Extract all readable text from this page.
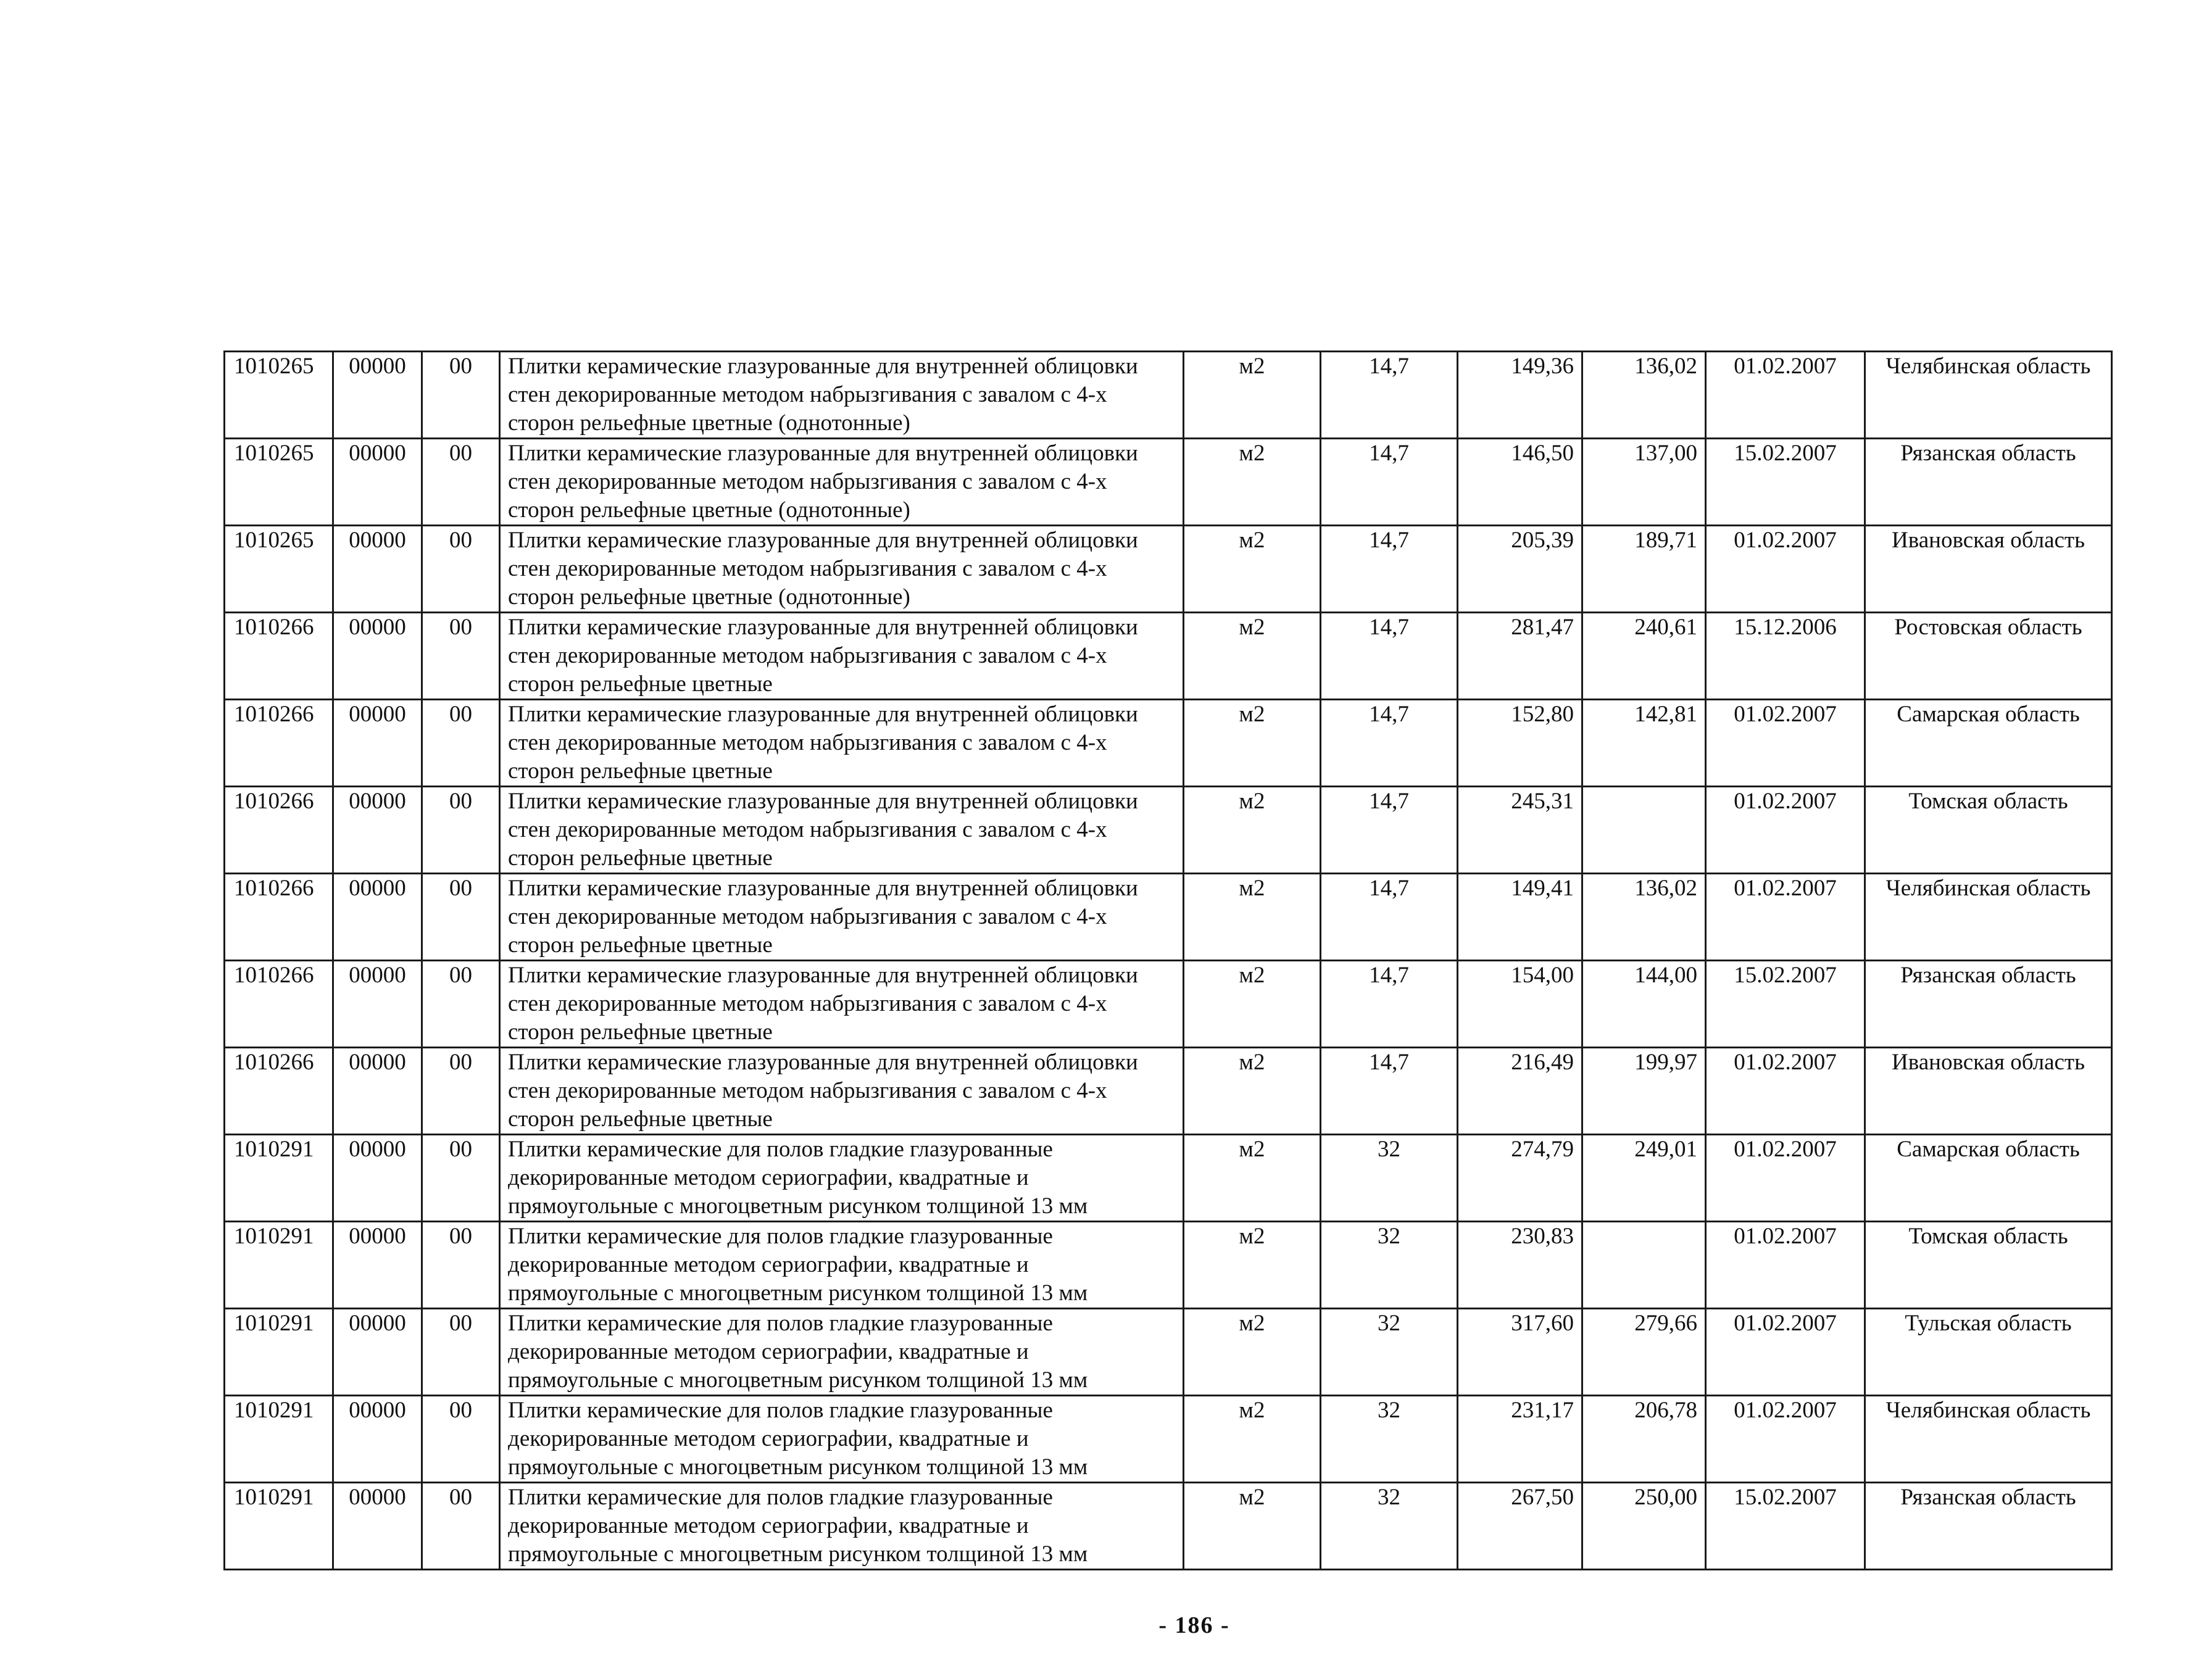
1010265	00000	00	Плитки керамические глазурованные для внутренней облицовки стен декорированные методом набрызгивания с завалом с 4-х сторон рельефные цветные (однотонные)	м2	14,7	149,36	136,02	01.02.2007	Челябинская область
1010265	00000	00	Плитки керамические глазурованные для внутренней облицовки стен декорированные методом набрызгивания с завалом с 4-х сторон рельефные цветные (однотонные)	м2	14,7	146,50	137,00	15.02.2007	Рязанская область
1010265	00000	00	Плитки керамические глазурованные для внутренней облицовки стен декорированные методом набрызгивания с завалом с 4-х сторон рельефные цветные (однотонные)	м2	14,7	205,39	189,71	01.02.2007	Ивановская область
1010266	00000	00	Плитки керамические глазурованные для внутренней облицовки стен декорированные методом набрызгивания с завалом с 4-х сторон рельефные цветные	м2	14,7	281,47	240,61	15.12.2006	Ростовская область
1010266	00000	00	Плитки керамические глазурованные для внутренней облицовки стен декорированные методом набрызгивания с завалом с 4-х сторон рельефные цветные	м2	14,7	152,80	142,81	01.02.2007	Самарская область
1010266	00000	00	Плитки керамические глазурованные для внутренней облицовки стен декорированные методом набрызгивания с завалом с 4-х сторон рельефные цветные	м2	14,7	245,31		01.02.2007	Томская область
1010266	00000	00	Плитки керамические глазурованные для внутренней облицовки стен декорированные методом набрызгивания с завалом с 4-х сторон рельефные цветные	м2	14,7	149,41	136,02	01.02.2007	Челябинская область
1010266	00000	00	Плитки керамические глазурованные для внутренней облицовки стен декорированные методом набрызгивания с завалом с 4-х сторон рельефные цветные	м2	14,7	154,00	144,00	15.02.2007	Рязанская область
1010266	00000	00	Плитки керамические глазурованные для внутренней облицовки стен декорированные методом набрызгивания с завалом с 4-х сторон рельефные цветные	м2	14,7	216,49	199,97	01.02.2007	Ивановская область
1010291	00000	00	Плитки керамические для полов гладкие глазурованные декорированные методом сериографии, квадратные и прямоугольные с многоцветным рисунком толщиной 13 мм	м2	32	274,79	249,01	01.02.2007	Самарская область
1010291	00000	00	Плитки керамические для полов гладкие глазурованные декорированные методом сериографии, квадратные и прямоугольные с многоцветным рисунком толщиной 13 мм	м2	32	230,83		01.02.2007	Томская область
1010291	00000	00	Плитки керамические для полов гладкие глазурованные декорированные методом сериографии, квадратные и прямоугольные с многоцветным рисунком толщиной 13 мм	м2	32	317,60	279,66	01.02.2007	Тульская область
1010291	00000	00	Плитки керамические для полов гладкие глазурованные декорированные методом сериографии, квадратные и прямоугольные с многоцветным рисунком толщиной 13 мм	м2	32	231,17	206,78	01.02.2007	Челябинская область
1010291	00000	00	Плитки керамические для полов гладкие глазурованные декорированные методом сериографии, квадратные и прямоугольные с многоцветным рисунком толщиной 13 мм	м2	32	267,50	250,00	15.02.2007	Рязанская область
- 186 -
